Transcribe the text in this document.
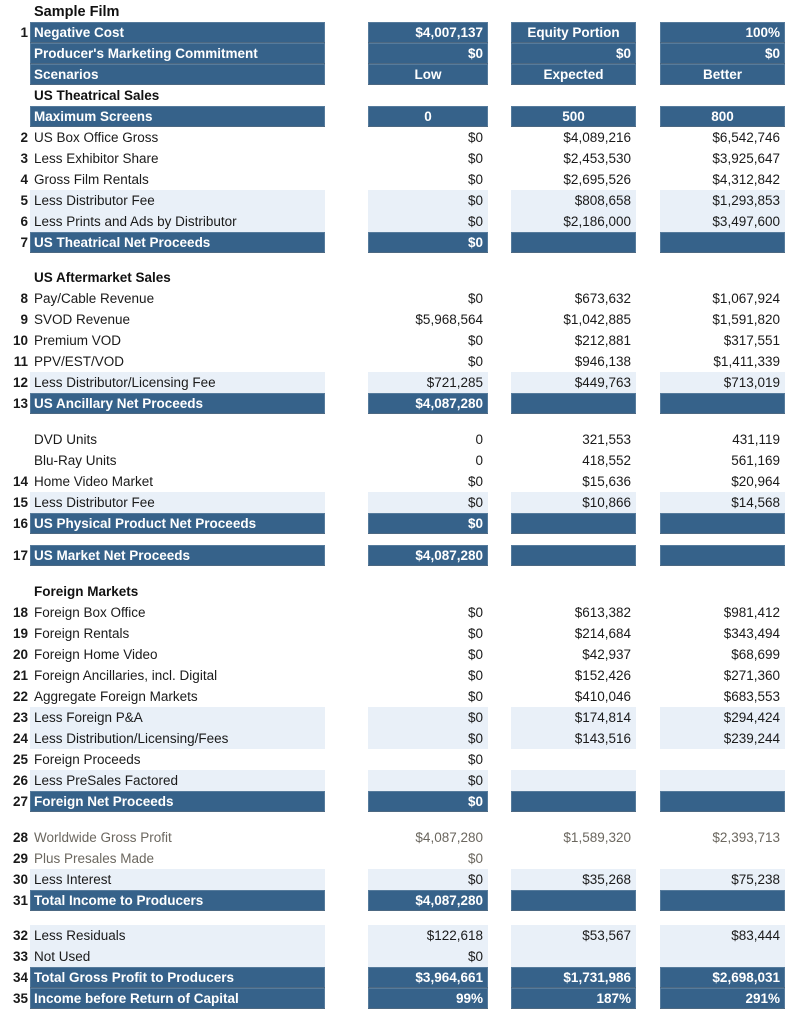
Sample Film
1 Negative Cost	$4,007,137	Equity Portion	100%
Producer's Marketing Commitment	$0	$0	$0
Scenarios	Low	Expected	Better
US Theatrical Sales
Maximum Screens	0	500	800
2 US Box Office Gross	$0	$4,089,216	$6,542,746
3 Less Exhibitor Share	$0	$2,453,530	$3,925,647
4 Gross Film Rentals	$0	$2,695,526	$4,312,842
5 Less Distributor Fee	$0	$808,658	$1,293,853
6 Less Prints and Ads by Distributor	$0	$2,186,000	$3,497,600
7 US Theatrical Net Proceeds	$0
US Aftermarket Sales
8 Pay/Cable Revenue	$0	$673,632	$1,067,924
9 SVOD Revenue	$5,968,564	$1,042,885	$1,591,820
10 Premium VOD	$0	$212,881	$317,551
11 PPV/EST/VOD	$0	$946,138	$1,411,339
12 Less Distributor/Licensing Fee	$721,285	$449,763	$713,019
13 US Ancillary Net Proceeds	$4,087,280
DVD Units	0	321,553	431,119
Blu-Ray Units	0	418,552	561,169
14 Home Video Market	$0	$15,636	$20,964
15 Less Distributor Fee	$0	$10,866	$14,568
16 US Physical Product Net Proceeds	$0
17 US Market Net Proceeds	$4,087,280
Foreign Markets
18 Foreign Box Office	$0	$613,382	$981,412
19 Foreign Rentals	$0	$214,684	$343,494
20 Foreign Home Video	$0	$42,937	$68,699
21 Foreign Ancillaries, incl. Digital	$0	$152,426	$271,360
22 Aggregate Foreign Markets	$0	$410,046	$683,553
23 Less Foreign P&A	$0	$174,814	$294,424
24 Less Distribution/Licensing/Fees	$0	$143,516	$239,244
25 Foreign Proceeds	$0
26 Less PreSales Factored	$0
27 Foreign Net Proceeds	$0
28 Worldwide Gross Profit	$4,087,280	$1,589,320	$2,393,713
29 Plus Presales Made	$0
30 Less Interest	$0	$35,268	$75,238
31 Total Income to Producers	$4,087,280
32 Less Residuals	$122,618	$53,567	$83,444
33 Not Used	$0
34 Total Gross Profit to Producers	$3,964,661	$1,731,986	$2,698,031
35 Income before Return of Capital	99%	187%	291%
